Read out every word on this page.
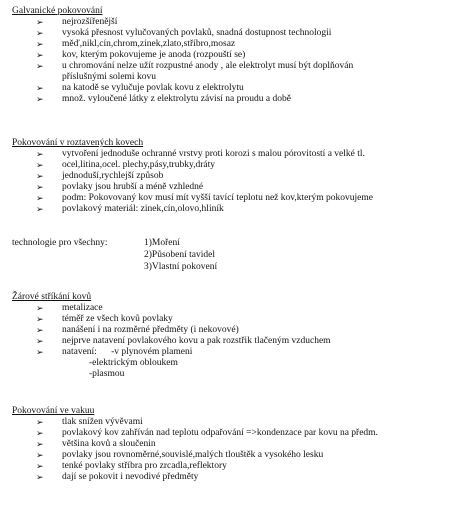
Galvanické pokovování
➢ nejrozšířenější
➢ vysoká přesnost vylučovaných povlaků, snadná dostupnost technologii
➢ měď,nikl,cín,chrom,zinek,zlato,stříbro,mosaz
➢ kov, kterým pokovujeme je anoda (rozpouští se)
➢ u chromování nelze užít rozpustné anody , ale elektrolyt musí být doplňován příslušnými solemi kovu
➢ na katodě se vylučuje povlak kovu z elektrolytu
➢ množ. vyloučené látky z elektrolytu závisí na proudu a době
Pokovování v roztavených kovech
➢ vytvoření jednoduše ochranné vrstvy proti korozi s malou pórovitostí a velké tl.
➢ ocel,litina,ocel. plechy,pásy,trubky,dráty
➢ jednoduší,rychlejší způsob
➢ povlaky jsou hrubší a méně vzhledné
➢ podm: Pokovovaný kov musí mít vyšší tavící teplotu než kov,kterým pokovujeme
➢ povlakový materiál: zinek,cín,olovo,hliník
technologie pro všechny:	1)Moření
2)Působení tavidel
3)Vlastní pokovení
Žárové stříkání kovů
➢ metalizace
➢ téměř ze všech kovů povlaky
➢ nanášení i na rozměrné předměty (i nekovové)
➢ nejprve natavení povlakového kovu a pak rozstřik tlačeným vzduchem
➢ natavení:      -v plynovém plameni
-elektrickým obloukem
-plasmou
Pokovování ve vakuu
➢ tlak snížen vývěvami
➢ povlakový kov zahříván nad teplotu odpařování =>kondenzace par kovu na předm.
➢ většina kovů a sloučenin
➢ povlaky jsou rovnoměrné,souvislé,malých tlouštěk a vysokého lesku
➢ tenké povlaky stříbra pro zrcadla,reflektory
➢ dají se pokovit i nevodivé předměty
